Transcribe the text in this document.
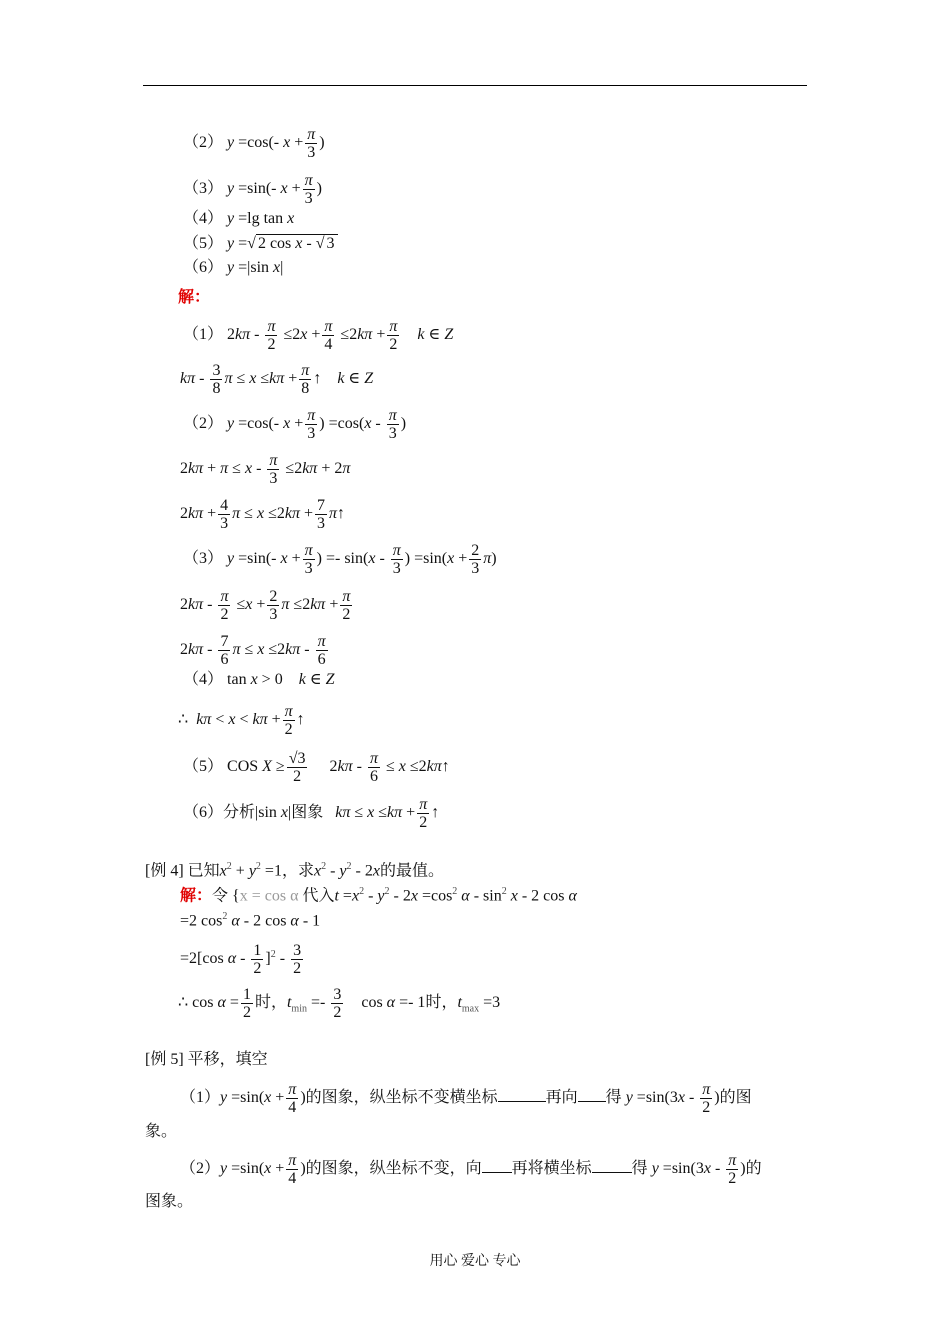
（2） y =cos(- $x + \frac{\pi}{3}$ )
（3） y =sin(- $x + \frac{\pi}{3}$ )
（4） y =lg tan x
（5） y =√ 2 cos x - √ 3
（6） y =|sin x|
解：
（1） $2k\pi - \frac{\pi}{2} \le 2x + \frac{\pi}{4} \le 2k\pi + \frac{\pi}{2}$ k ∈ Z
kπ - $\frac{3}{8}$ $\pi \le x \le k\pi + \frac{\pi}{8}$ ↑ k ∈ Z
（2） y =cos(- $x + \frac{\pi}{3}$ ) $=\cos(x - \frac{\pi}{3}$ )
$2k\pi + \pi \le x - \frac{\pi}{3} \le 2k\pi + 2\pi$
$2k\pi + \frac{4}{3}$ $\pi \le x \le 2k\pi + \frac{7}{3}$ π↑
（3） y =sin(- $x + \frac{\pi}{3}$ ) =- $\sin(x - \frac{\pi}{3}$ ) $=\sin(x + \frac{2}{3} \pi)$
$2k\pi - \frac{\pi}{2} \le x + \frac{2}{3}$ $\pi \le 2k\pi + \frac{\pi}{2}$
$2k\pi - \frac{7}{6}$ $\pi \le x \le 2k\pi - \frac{\pi}{6}$
（4） tan x > 0    k ∈ Z
∴ $k\pi < x < k\pi + \frac{\pi}{2}$ ↑
（5） COS $X \ge \frac{√3}{2} 2k\pi - \frac{\pi}{6} \le x$ ≤2kπ↑
（6）分析|sin x|图象 $k\pi \le x \le k\pi + \frac{\pi}{2}$ ↑
[例 4] 已知$x^2 + y^2 =1$，求$x^2 - y^2 - 2x$的最值。
解：令 {x = cos α 代入$t =x^2 - y^2 - 2x =\cos^2$ α - $\sin^2 x - 2$ cos α
=2 $\cos^2 \alpha - 2$ cos α - 1
=2[cos α - $\frac{1}{2} ]^2 - \frac{3}{2}$
∴ $\cos \alpha = \frac{1}{2}$ 时，$t_{min} =- \frac{3}{2}$ cos α =- 1时，$t_{max} =3$
[例 5] 平移，填空
$(1)y =\sin(x + \frac{\pi}{4}$ )的图象，纵坐标不变横坐标	再向 得 $y =\sin(3x - \frac{\pi}{2}$ )的图
象。
$(2)y =\sin(x + \frac{\pi}{4}$ )的图象，纵坐标不变，向 再将横坐标	得 $y =\sin(3x - \frac{\pi}{2}$ )的
图象。
用心 爱心 专心
